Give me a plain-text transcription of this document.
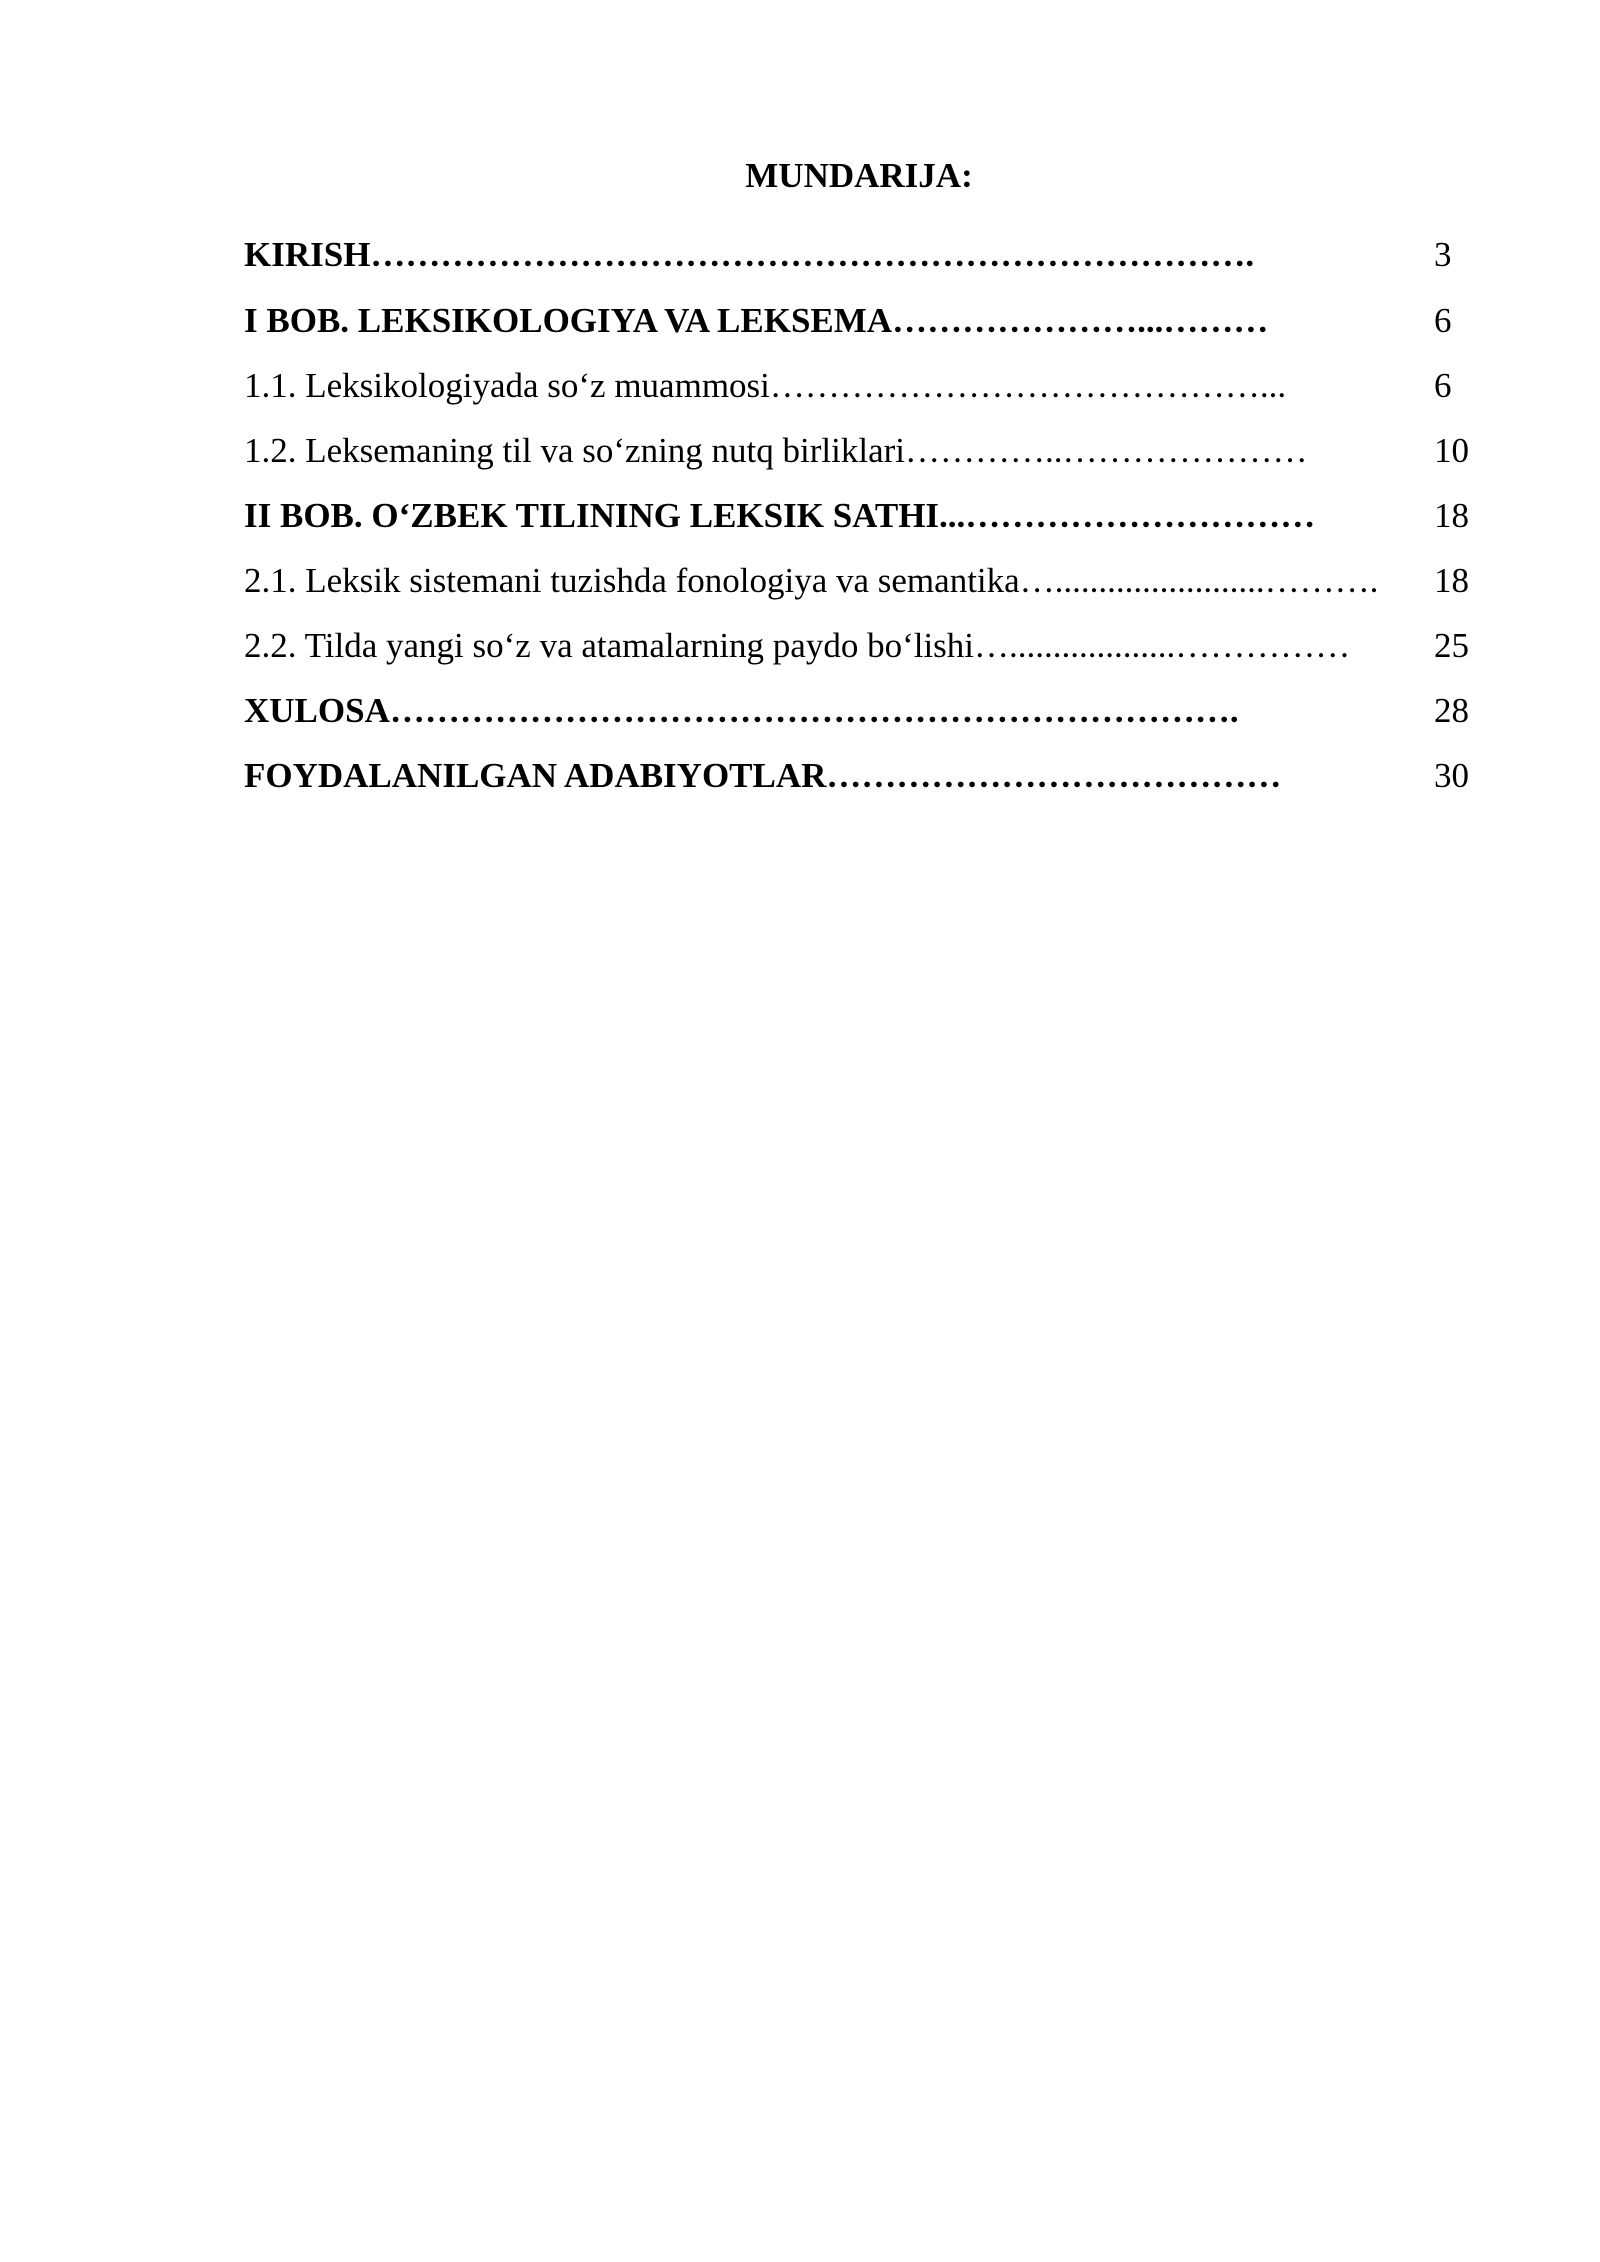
MUNDARIJA:
KIRISH………………………………………………………………….	3
I BOB. LEKSIKOLOGIYA VA LEKSEMA…………………...………	6
1.1. Leksikologiyada so‘z muammosi……………………………………...	6
1.2. Leksemaning til va so‘zning nutq birliklari…………..…………………	10
II BOB. O‘ZBEK TILINING LEKSIK SATHI...…………………………	18
2.1. Leksik sistemani tuzishda fonologiya va semantika…........................………. 18
2.2. Tilda yangi so‘z va atamalarning paydo bo‘lishi…...................…………… 25
XULOSA……………………………………………………………….	28
FOYDALANILGAN ADABIYOTLAR…………………………………	30
